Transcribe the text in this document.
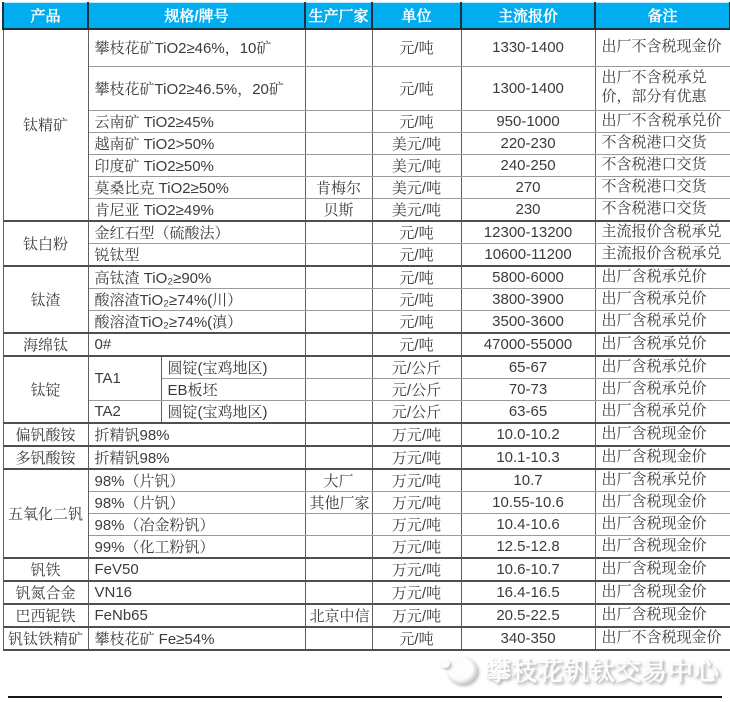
产品	规格/牌号		生产厂家	单位	主流报价	备注
钛精矿	攀枝花矿TiO2≥46%，10矿			元/吨	1330-1400	出厂不含税现金价
	攀枝花矿TiO2≥46.5%，20矿			元/吨	1300-1400	出厂不含税承兑价，部分有优惠
	云南矿 TiO2≥45%			元/吨	950-1000	出厂不含税承兑价
	越南矿 TiO2>50%			美元/吨	220-230	不含税港口交货
	印度矿 TiO2≥50%			美元/吨	240-250	不含税港口交货
	莫桑比克 TiO2≥50%		肯梅尔	美元/吨	270	不含税港口交货
	肯尼亚 TiO2≥49%		贝斯	美元/吨	230	不含税港口交货
钛白粉	金红石型（硫酸法）			元/吨	12300-13200	主流报价含税承兑
	锐钛型			元/吨	10600-11200	主流报价含税承兑
钛渣	高钛渣 TiO₂≥90%			元/吨	5800-6000	出厂含税承兑价
	酸溶渣TiO₂≥74%(川）			元/吨	3800-3900	出厂含税承兑价
	酸溶渣TiO₂≥74%(滇）			元/吨	3500-3600	出厂含税承兑价
海绵钛	0#			元/吨	47000-55000	出厂含税承兑价
钛锭	TA1	圆锭(宝鸡地区)		元/公斤	65-67	出厂含税承兑价
		EB板坯		元/公斤	70-73	出厂含税承兑价
	TA2	圆锭(宝鸡地区)		元/公斤	63-65	出厂含税承兑价
偏钒酸铵	折精钒98%			万元/吨	10.0-10.2	出厂含税现金价
多钒酸铵	折精钒98%			万元/吨	10.1-10.3	出厂含税现金价
五氧化二钒	98%（片钒）		大厂	万元/吨	10.7	出厂含税承兑价
	98%（片钒）		其他厂家	万元/吨	10.55-10.6	出厂含税现金价
	98%（冶金粉钒）			万元/吨	10.4-10.6	出厂含税现金价
	99%（化工粉钒）			万元/吨	12.5-12.8	出厂含税现金价
钒铁	FeV50			万元/吨	10.6-10.7	出厂含税现金价
钒氮合金	VN16			万元/吨	16.4-16.5	出厂含税现金价
巴西铌铁	FeNb65		北京中信	万元/吨	20.5-22.5	出厂含税现金价
钒钛铁精矿	攀枝花矿 Fe≥54%			元/吨	340-350	出厂不含税现金价
攀枝花钒钛交易中心
